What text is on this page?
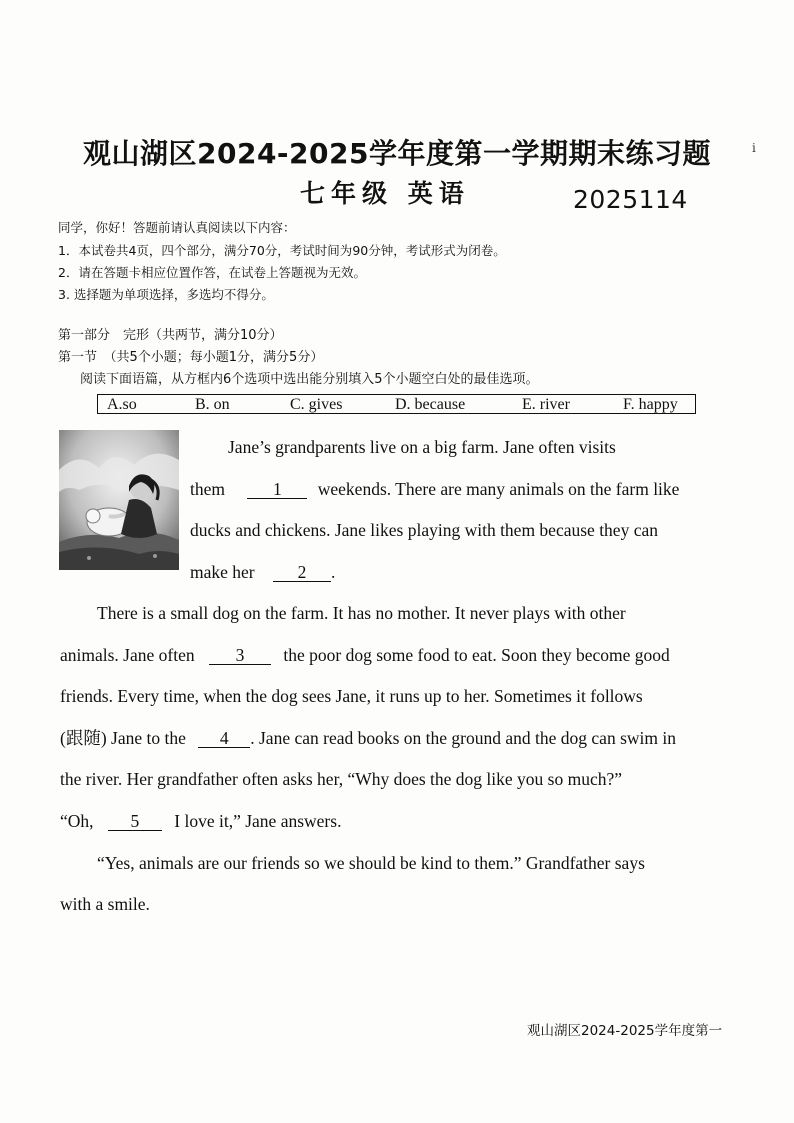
观山湖区2024-2025学年度第一学期期末练习题	i
七年级 英语	2025114
同学，你好！答题前请认真阅读以下内容：
1．本试卷共4页，四个部分，满分70分，考试时间为90分钟，考试形式为闭卷。
2．请在答题卡相应位置作答，在试卷上答题视为无效。
3. 选择题为单项选择，多选均不得分。
第一部分　完形（共两节，满分10分）
第一节　（共5个小题；每小题1分，满分5分）
阅读下面语篇，从方框内6个选项中选出能分别填入5个小题空白处的最佳选项。
A.so	B. on	C. gives	D. because	E. river	F. happy
Jane’s grandparents live on a big farm. Jane often visits
them	1 weekends. There are many animals on the farm like
ducks and chickens. Jane likes playing with them because they can
make her 2 .
There is a small dog on the farm. It has no mother. It never plays with other
animals. Jane often 3 the poor dog some food to eat. Soon they become good
friends. Every time, when the dog sees Jane, it runs up to her. Sometimes it follows
(跟随) Jane to the 4 . Jane can read books on the ground and the dog can swim in
the river. Her grandfather often asks her, “Why does the dog like you so much?”
“Oh, 5 I love it,” Jane answers.
“Yes, animals are our friends so we should be kind to them.” Grandfather says
with a smile.
观山湖区2024-2025学年度第一
